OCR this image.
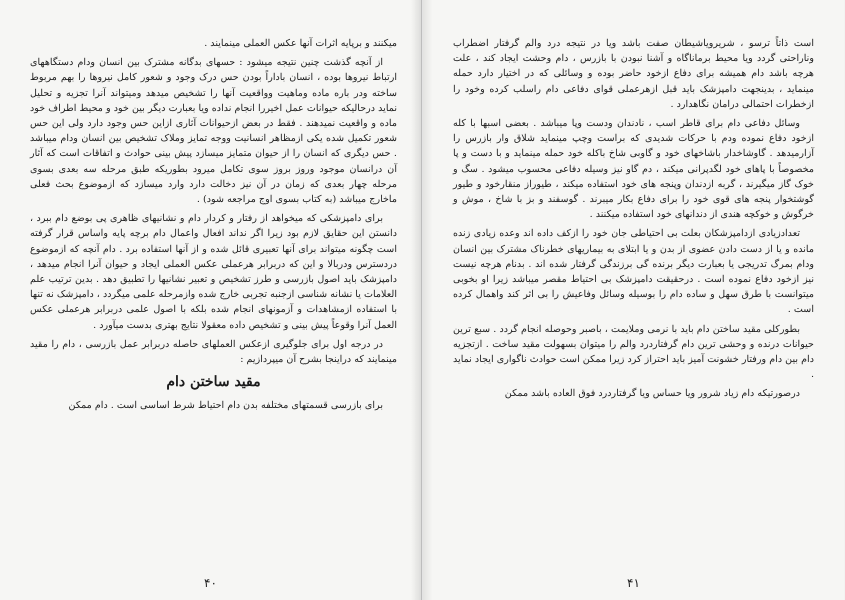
میکنند و برپایه اثرات آنها عکس العملی مینمایند .

از آنچه گذشت چنین نتیجه میشود : حسهای بدگانه مشترک بین انسان ودام دستگاههای ارتباط نیروها بوده ، انسان باداراً بودن حس درک وجود و شعور کامل نیروها را بهم مربوط ساخته ودر باره ماده وماهیت وواقعیت آنها را تشخیص میدهد ومیتواند آنرا تجزیه و تحلیل نماید درحالیکه حیوانات عمل اخیررا انجام نداده ویا بعبارت دیگر بین خود و محیط اطراف خود ماده و واقعیت نمیدهند . فقط در بعض ازحیوانات آثاری ازاین حس وجود دارد ولی این حس شعور تکمیل شده یکی ازمظاهر انسانیت ووجه تمایز وملاک تشخیص بین انسان ودام میباشد . حس دیگری که انسان را از حیوان متمایز میسازد پیش بینی حوادث و اتفاقات است که آثار آن درانسان موجود وروز بروز سوی تکامل میرود بطوریکه طبق مرحله سه بعدی بسوی مرحله چهار بعدی که زمان در آن نیز دخالت دارد وارد میسازد که ازموضوع بحث فعلی ماخارج میباشد (به کتاب بسوی اوج مراجعه شود) .

برای دامپزشکی که میخواهد از رفتار و کردار دام و نشانیهای ظاهری پی بوضع دام ببرد ، دانستن این حقایق لازم بود زیرا اگر نداند افعال واعمال دام برچه پایه واساس قرار گرفته است چگونه میتواند برای آنها تعبیری قائل شده و از آنها استفاده برد . دام آنچه که ازموضوع دردسترس ودربالا و این که دربرابر هرعملی عکس العملی ایجاد و حیوان آنرا انجام میدهد ، دامپزشک باید اصول بازرسی و طرز تشخیص و تعبیر نشانیها را تطبیق دهد . بدین ترتیب علم العلامات یا نشانه شناسی ازجنبه تجربی خارج شده وازمرحله علمی میگردد ، دامپزشک نه تنها با استفاده ازمشاهدات و آزمونهای انجام شده بلکه با اصول علمی دربرابر هرعملی عکس العمل آنرا وقوعاً پیش بینی و تشخیص داده معقولا نتایج بهتری بدست میآورد .

در درجه اول برای جلوگیری ازعکس العملهای حاصله دربرابر عمل بازرسی ، دام را مقید مینمایند که دراینجا بشرح آن میپردازیم :

مقید ساختن دام

برای بازرسی قسمتهای مختلفه بدن دام احتیاط شرط اساسی است . دام ممکن

۴۰

است ذاتاً ترسو ، شریرویاشیطان صفت باشد ویا در نتیجه درد والم گرفتار اضطراب وناراحتی گردد ویا محیط برماناگاه و آشنا نبودن با بازرس ، دام وحشت ایجاد کند ، علت هرچه باشد دام همیشه برای دفاع ازخود حاضر بوده و وسائلی که در اختیار دارد حمله مینماید ، بدینجهت دامپزشک باید قبل ازهرعملی قوای دفاعی دام راسلب کرده وخود را ازخطرات احتمالی درامان نگاهدارد .

وسائل دفاعی دام برای قاطر اسب ، نادندان ودست وپا میباشد . بعضی اسبها با کله ازخود دفاع نموده ودم با حرکات شدیدی که براست وچپ مینماید شلاق وار بازرس را آزارمیدهد . گاوشاخدار باشاخهای خود و گاوبی شاخ باکله خود حمله مینماید و با دست و پا مخصوصاً با پاهای خود لگدپرانی میکند ، دم گاو نیز وسیله دفاعی محسوب میشود . سگ و خوک گاز میگیرند ، گربه ازدندان وپنجه های خود استفاده میکند ، طیوراز منقارخود و طیور گوشتخوار پنجه های قوی خود را برای دفاع بکار میبرند . گوسفند و بز با شاخ ، موش و خرگوش و خوکچه هندی از دندانهای خود استفاده میکنند .

تعدادزیادی ازدامپزشکان بعلت بی احتیاطی جان خود را ازکف داده اند وعده زیادی زنده مانده و یا از دست دادن عضوی از بدن و یا ابتلای به بیماریهای خطرناک مشترک بین انسان ودام بمرگ تدریجی یا بعبارت دیگر برنده گی برزندگی گرفتار شده اند . بدنام هرچه نیست نیز ازخود دفاع نموده است . درحقیقت دامپزشک بی احتیاط مقصر میباشد زیرا او بخوبی میتوانست با طرق سهل و ساده دام را بوسیله وسائل وفاعیش را بی اثر کند واهمال کرده است .

بطورکلی مقید ساختن دام باید با نرمی وملایمت ، باصبر وحوصله انجام گردد . سبع ترین حیوانات درنده و وحشی ترین دام گرفتاردرد والم را میتوان بسهولت مقید ساخت . ازتجزیه دام بین دام ورفتار خشونت آمیز باید احتراز کرد زیرا ممکن است حوادث ناگواری ایجاد نماید .

درصورتیکه دام زیاد شرور ویا حساس ویا گرفتاردرد فوق العاده باشد ممکن

۴۱
